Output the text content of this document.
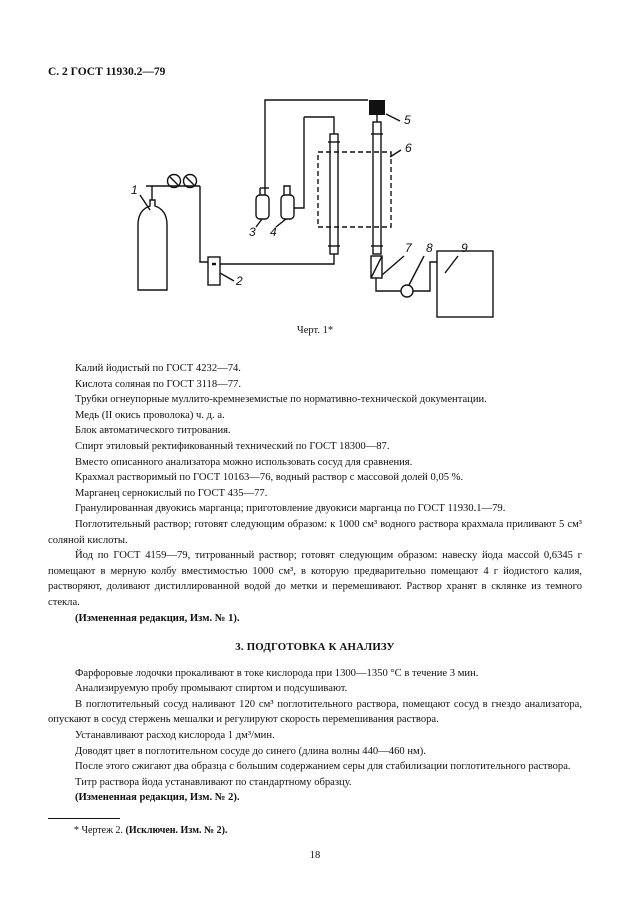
С. 2 ГОСТ 11930.2—79
1
2
3 4
5
6
7 8 9
Черт. 1*

Калий йодистый по ГОСТ 4232—74.

Кислота соляная по ГОСТ 3118—77.

Трубки огнеупорные муллито-кремнеземистые по нормативно-технической документации.

Медь (II окись проволока) ч. д. а.

Блок автоматического титрования.

Спирт этиловый ректификованный технический по ГОСТ 18300—87.

Вместо описанного анализатора можно использовать сосуд для сравнения.

Крахмал растворимый по ГОСТ 10163—76, водный раствор с массовой долей 0,05 %.

Марганец сернокислый по ГОСТ 435—77.

Гранулированная двуокись марганца; приготовление двуокиси марганца по ГОСТ 11930.1—79.

Поглотительный раствор; готовят следующим образом: к 1000 см³ водного раствора крахмала приливают 5 см³ соляной кислоты.

Йод по ГОСТ 4159—79, титрованный раствор; готовят следующим образом: навеску йода массой 0,6345 г помещают в мерную колбу вместимостью 1000 см³, в которую предварительно помещают 4 г йодистого калия, растворяют, доливают дистиллированной водой до метки и перемешивают. Раствор хранят в склянке из темного стекла.

(Измененная редакция, Изм. № 1).

3. ПОДГОТОВКА К АНАЛИЗУ

Фарфоровые лодочки прокаливают в токе кислорода при 1300—1350 °С в течение 3 мин.

Анализируемую пробу промывают спиртом и подсушивают.

В поглотительный сосуд наливают 120 см³ поглотительного раствора, помещают сосуд в гнездо анализатора, опускают в сосуд стержень мешалки и регулируют скорость перемешивания раствора.

Устанавливают расход кислорода 1 дм³/мин.

Доводят цвет в поглотительном сосуде до синего (длина волны 440—460 нм).

После этого сжигают два образца с большим содержанием серы для стабилизации поглотительного раствора.

Титр раствора йода устанавливают по стандартному образцу.

(Измененная редакция, Изм. № 2).

* Чертеж 2. (Исключен. Изм. № 2).
18
